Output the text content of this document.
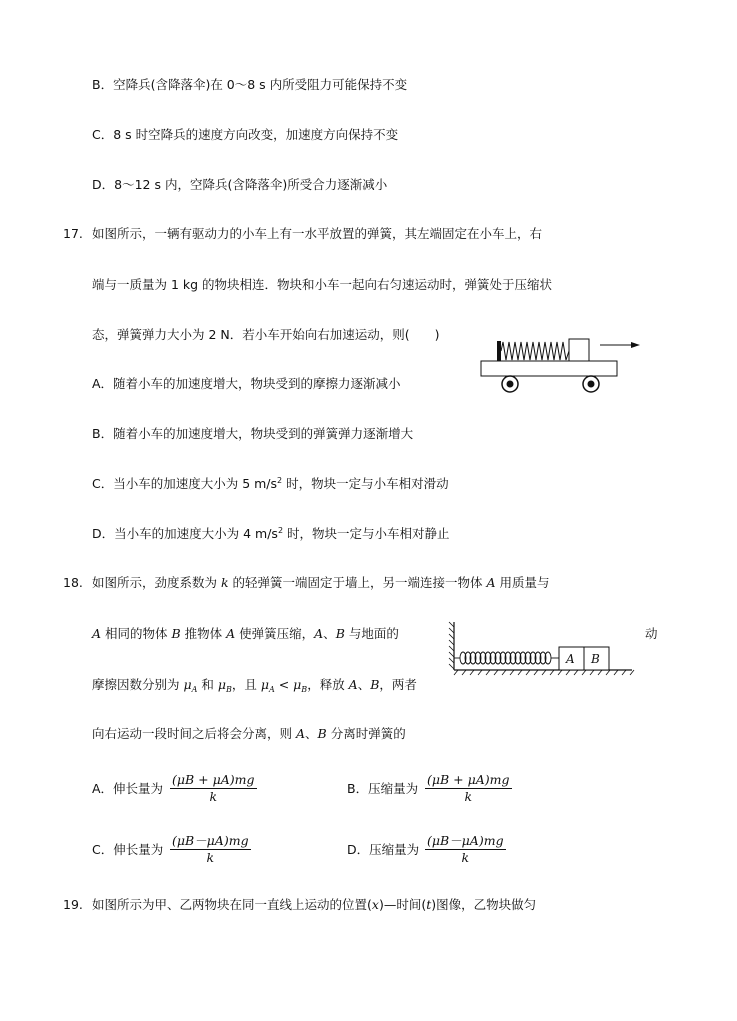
B．空降兵(含降落伞)在 0～8 s 内所受阻力可能保持不变
C．8 s 时空降兵的速度方向改变，加速度方向保持不变
D．8～12 s 内，空降兵(含降落伞)所受合力逐渐减小
17. 如图所示，一辆有驱动力的小车上有一水平放置的弹簧，其左端固定在小车上，右
端与一质量为 1 kg 的物块相连．物块和小车一起向右匀速运动时，弹簧处于压缩状
态，弹簧弹力大小为 2 N．若小车开始向右加速运动，则(　　)
A．随着小车的加速度增大，物块受到的摩擦力逐渐减小
B．随着小车的加速度增大，物块受到的弹簧弹力逐渐增大
C．当小车的加速度大小为 5 $m/s^2$ 时，物块一定与小车相对滑动
D．当小车的加速度大小为 4 $m/s^2$ 时，物块一定与小车相对静止
18. 如图所示，劲度系数为 k 的轻弹簧一端固定于墙上，另一端连接一物体 A 用质量与
A 相同的物体 B 推物体 A 使弹簧压缩，A、B 与地面的	动
A B
摩擦因数分别为 $\mu_A$ 和 $\mu_B$，且 $\mu_A < \mu_B$，释放 A、B，两者
向右运动一段时间之后将会分离，则 A、B 分离时弹簧的
A．伸长量为 $\frac{(\mu B + \mu A)mg}{k}$	B．压缩量为 $\frac{(\mu B + \mu A)mg}{k}$
C．伸长量为 $\frac{(\mu B-\mu A)mg}{k}$	D．压缩量为 $\frac{(\mu B-\mu A)mg}{k}$
19. 如图所示为甲、乙两物块在同一直线上运动的位置(x)—时间(t)图像，乙物块做匀
